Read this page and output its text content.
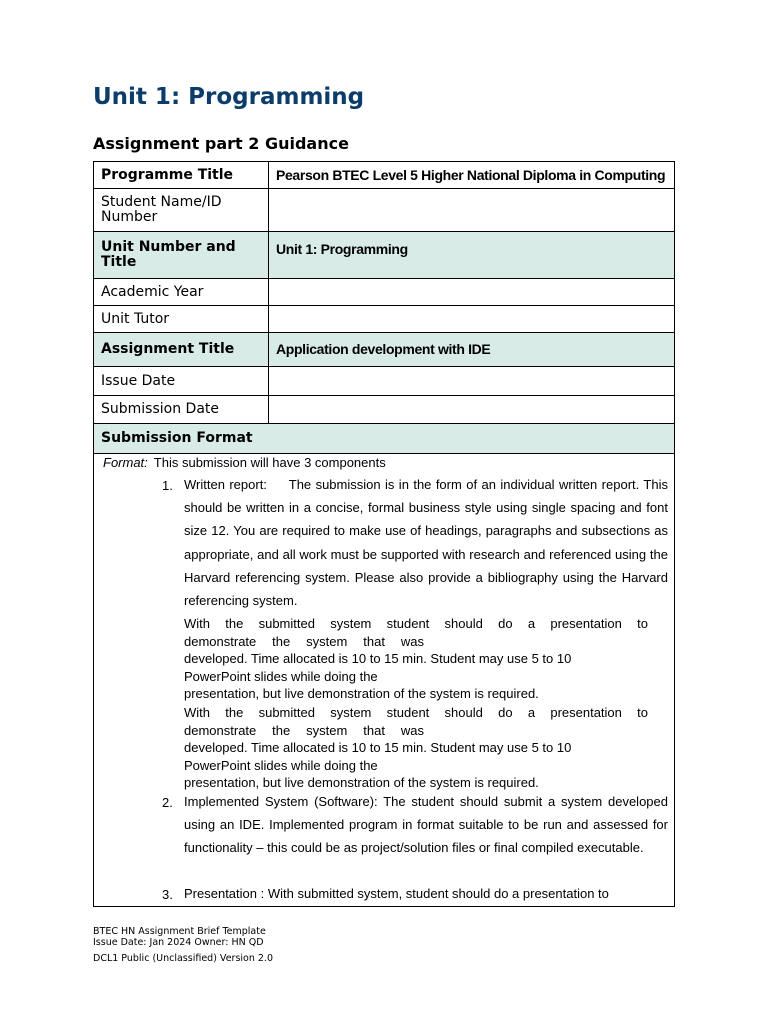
Unit 1: Programming
Assignment part 2 Guidance
Programme Title	Pearson BTEC Level 5 Higher National Diploma in Computing
Student Name/ID Number	
Unit Number and Title	Unit 1: Programming
Academic Year	
Unit Tutor	
Assignment Title	Application development with IDE
Issue Date	
Submission Date	
Submission Format	
Format: This submission will have 3 components
1. Written report:     The submission is in the form of an individual written report. This should be written in a concise, formal business style using single spacing and font size 12. You are required to make use of headings, paragraphs and subsections as appropriate, and all work must be supported with research and referenced using the Harvard referencing system. Please also provide a bibliography using the Harvard referencing system.
With the submitted system student should do a presentation to
demonstrate the system that was
developed. Time allocated is 10 to 15 min. Student may use 5 to 10
PowerPoint slides while doing the
presentation, but live demonstration of the system is required.
With the submitted system student should do a presentation to
demonstrate the system that was
developed. Time allocated is 10 to 15 min. Student may use 5 to 10
PowerPoint slides while doing the
presentation, but live demonstration of the system is required.
2. Implemented System (Software): The student should submit a system developed using an IDE. Implemented program in format suitable to be run and assessed for functionality – this could be as project/solution files or final compiled executable.
3. Presentation : With submitted system, student should do a presentation to
BTEC HN Assignment Brief Template
Issue Date: Jan 2024 Owner: HN QD
DCL1 Public (Unclassified) Version 2.0
